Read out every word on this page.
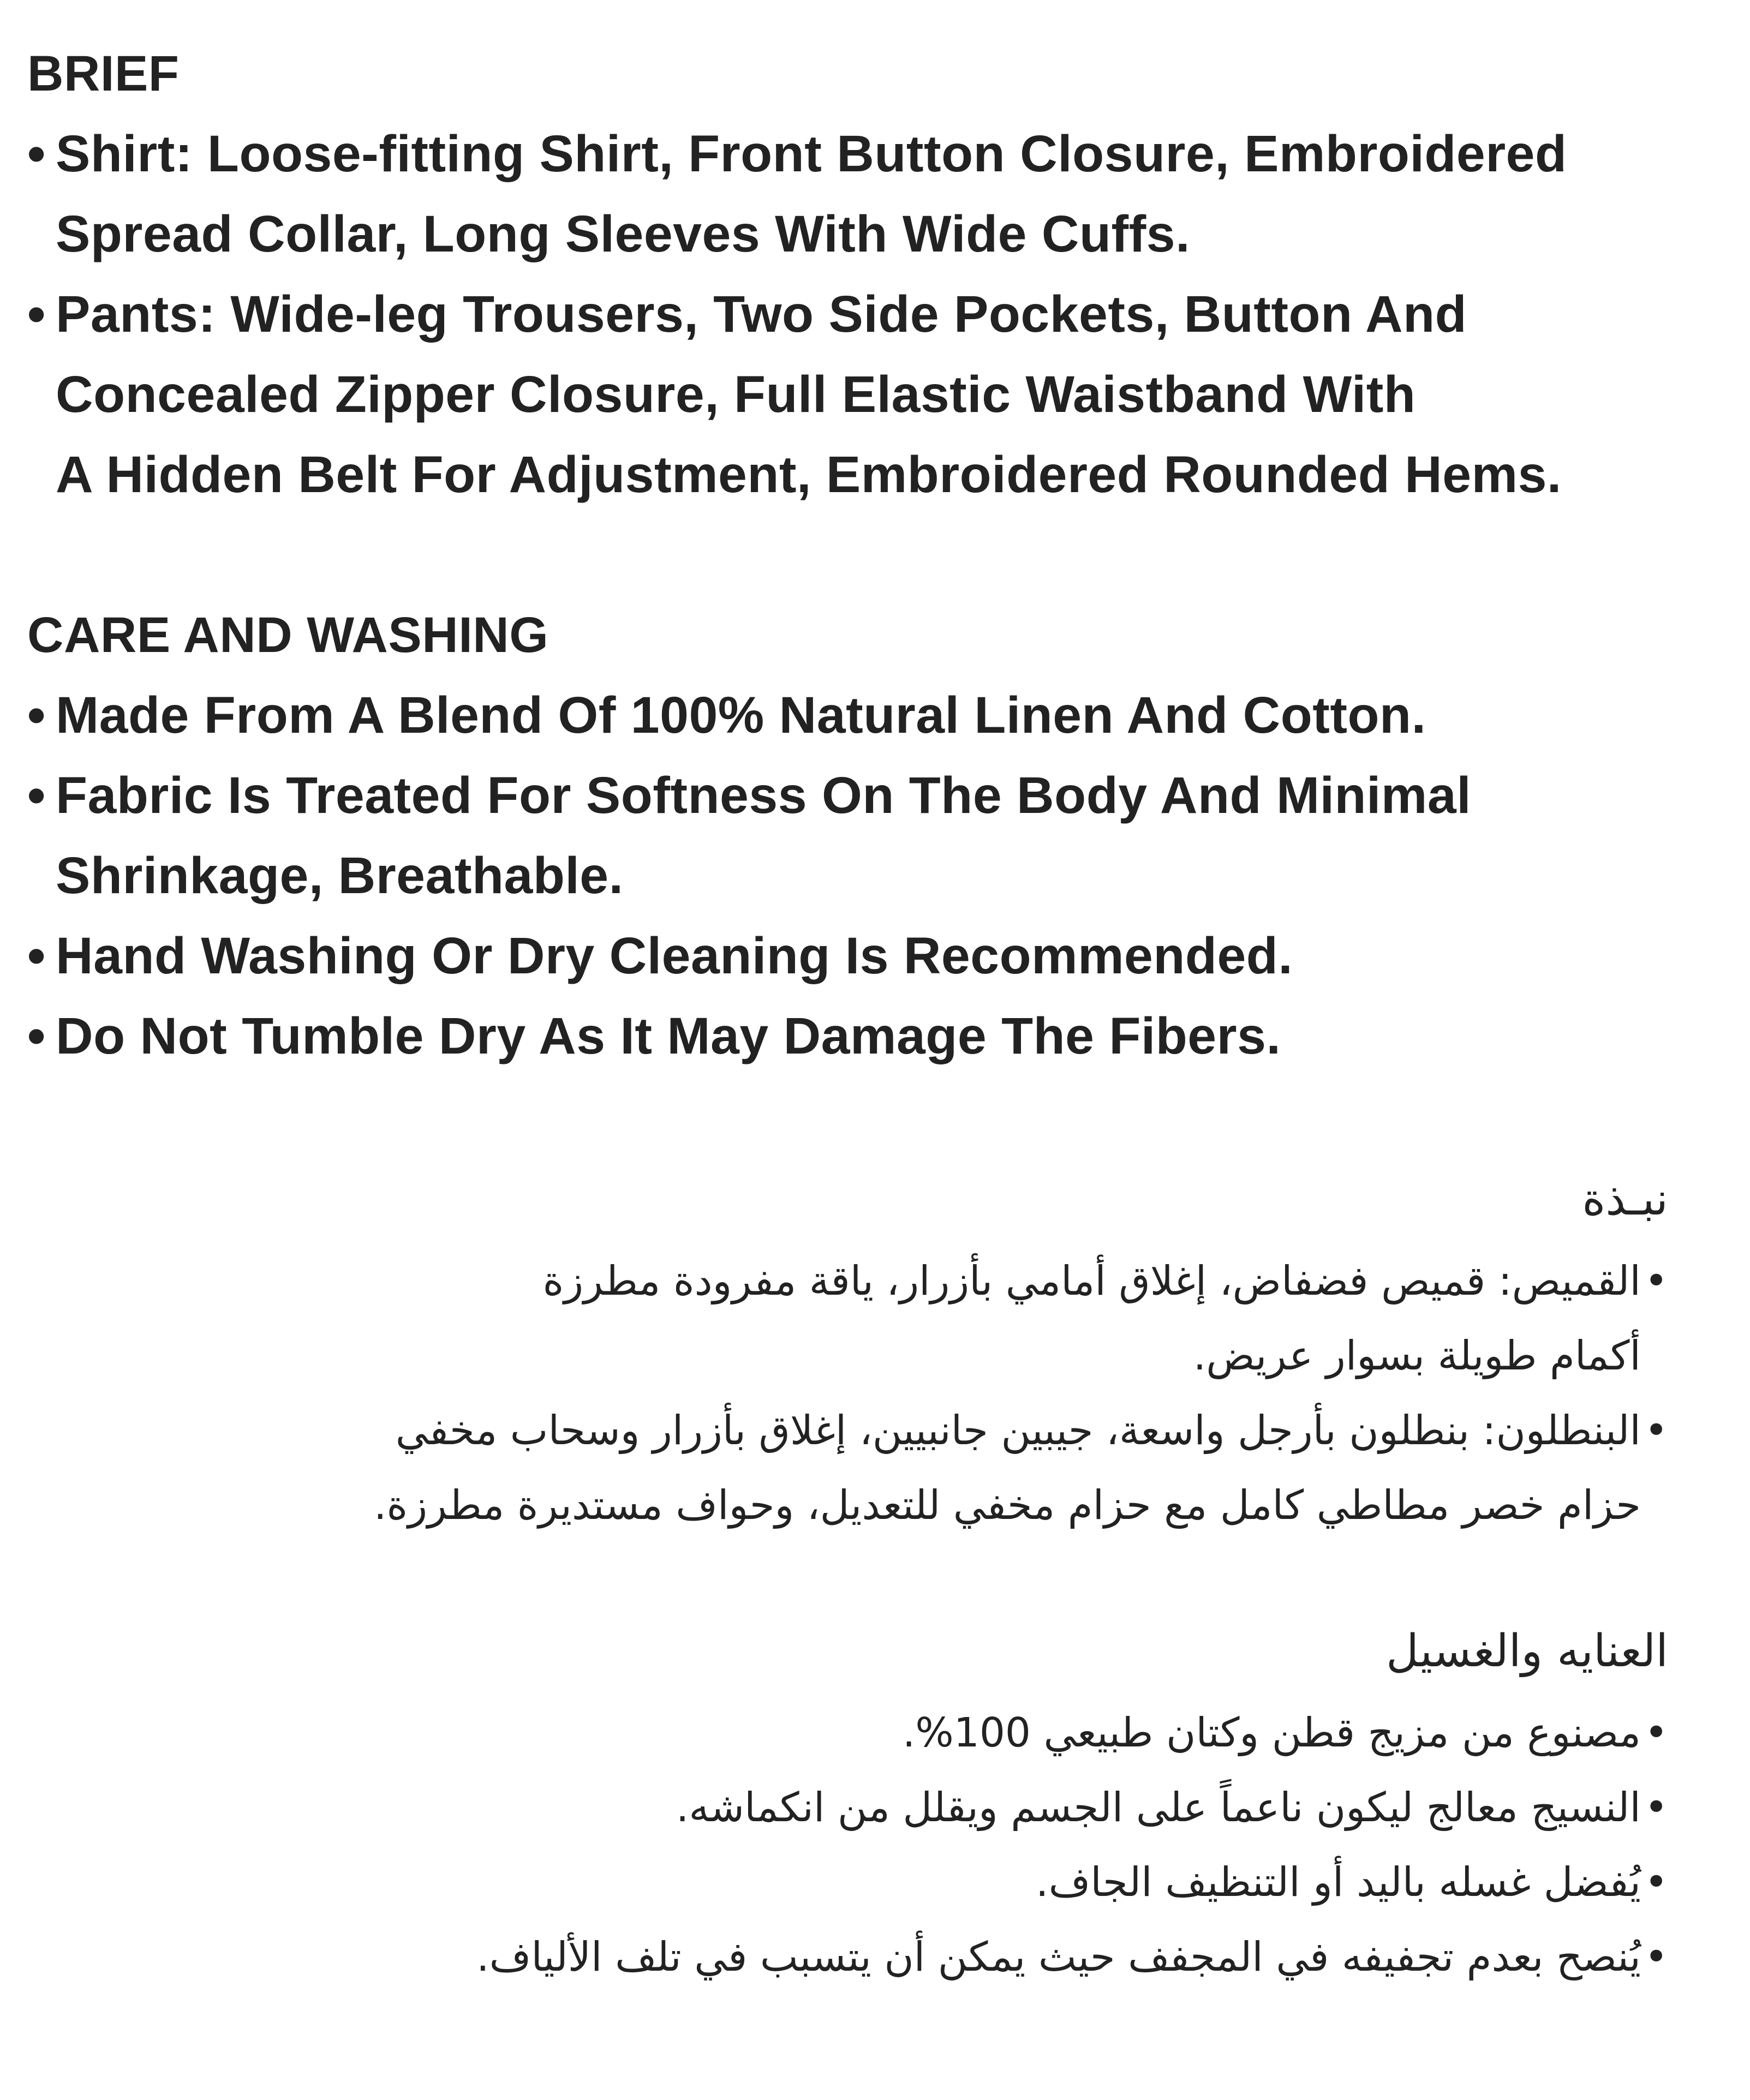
BRIEF
• Shirt: Loose-fitting Shirt, Front Button Closure, Embroidered
Spread Collar, Long Sleeves With Wide Cuffs.
• Pants: Wide-leg Trousers, Two Side Pockets, Button And
Concealed Zipper Closure, Full Elastic Waistband With
A Hidden Belt For Adjustment, Embroidered Rounded Hems.
CARE AND WASHING
• Made From A Blend Of 100% Natural Linen And Cotton.
• Fabric Is Treated For Softness On The Body And Minimal
Shrinkage, Breathable.
• Hand Washing Or Dry Cleaning Is Recommended.
• Do Not Tumble Dry As It May Damage The Fibers.
نبـذة
•
القميص: قميص فضفاض، إغلاق أمامي بأزرار، ياقة مفرودة مطرزة
أكمام طويلة بسوار عريض.
•
البنطلون: بنطلون بأرجل واسعة، جيبين جانبيين، إغلاق بأزرار وسحاب مخفي
حزام خصر مطاطي كامل مع حزام مخفي للتعديل، وحواف مستديرة مطرزة.
العنايه والغسيل
•
مصنوع من مزيج قطن وكتان طبيعي 100%.
•
النسيج معالج ليكون ناعماً على الجسم ويقلل من انكماشه.
•
يُفضل غسله باليد أو التنظيف الجاف.
•
يُنصح بعدم تجفيفه في المجفف حيث يمكن أن يتسبب في تلف الألياف.
